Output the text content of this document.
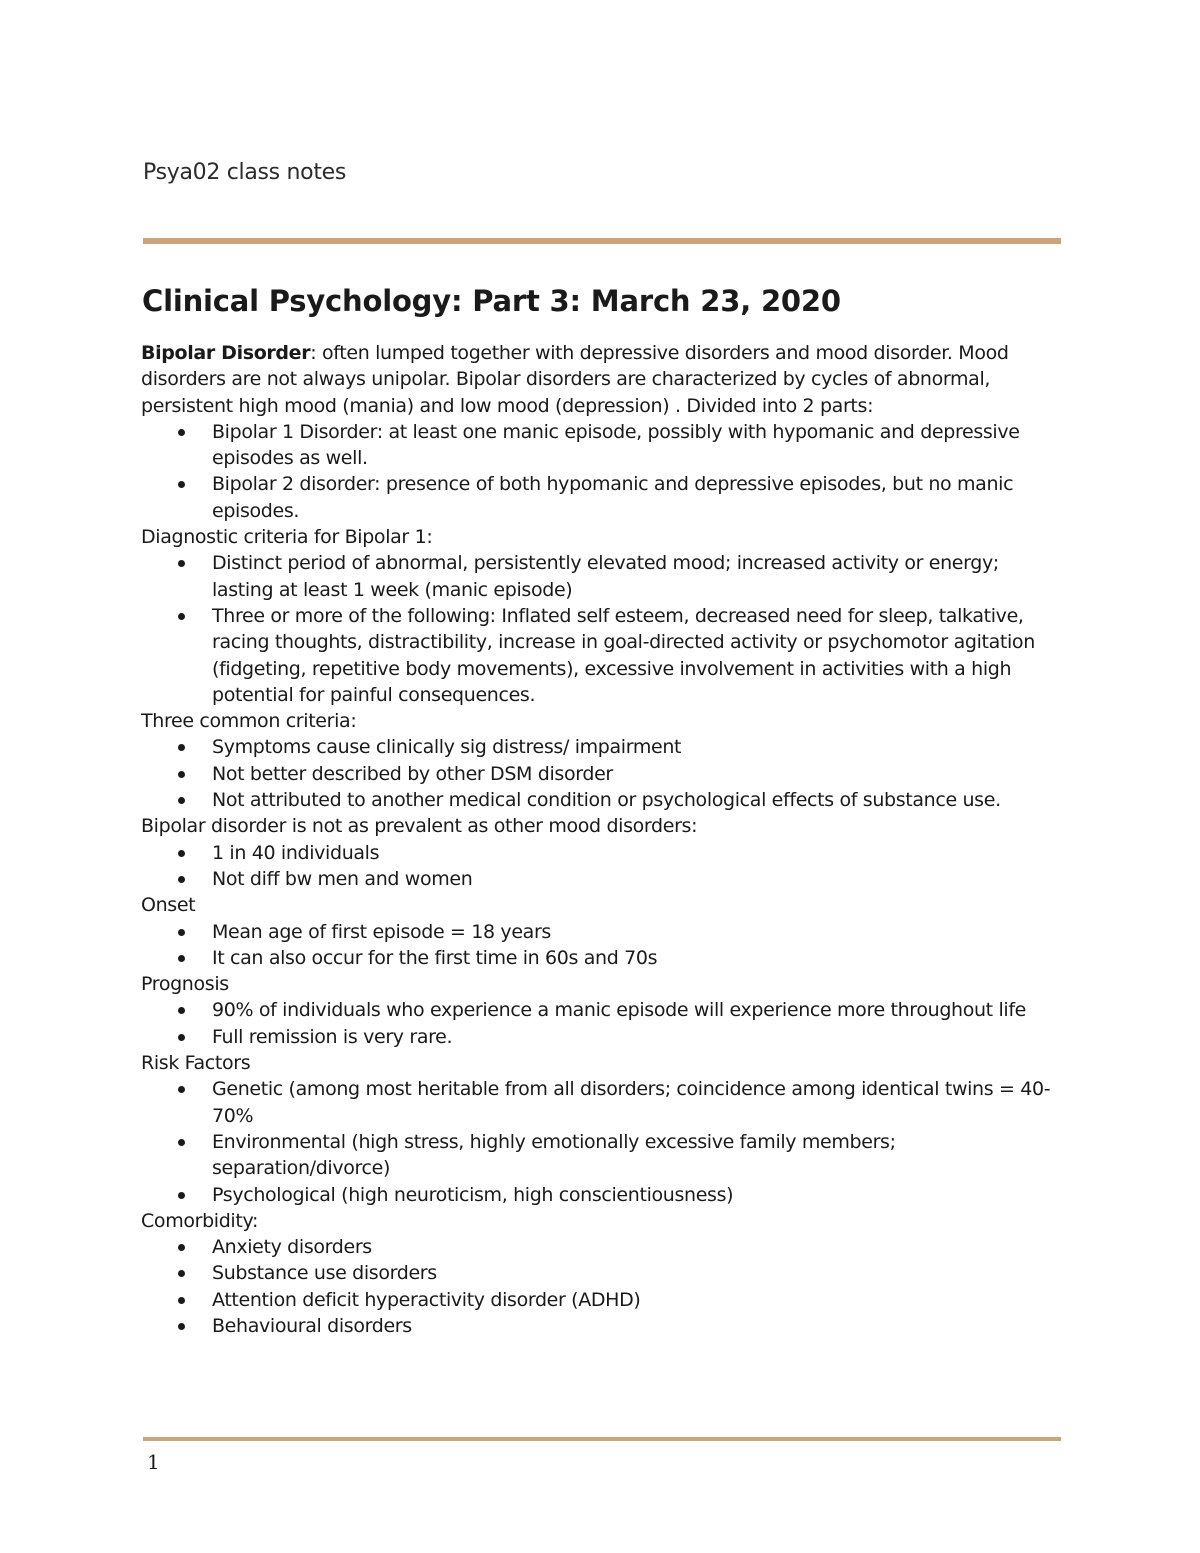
Psya02 class notes
Clinical Psychology: Part 3: March 23, 2020

Bipolar Disorder: often lumped together with depressive disorders and mood disorder. Mood disorders are not always unipolar. Bipolar disorders are characterized by cycles of abnormal, persistent high mood (mania) and low mood (depression) . Divided into 2 parts:

Bipolar 1 Disorder: at least one manic episode, possibly with hypomanic and depressive episodes as well.
Bipolar 2 disorder: presence of both hypomanic and depressive episodes, but no manic episodes.

Diagnostic criteria for Bipolar 1:

Distinct period of abnormal, persistently elevated mood; increased activity or energy; lasting at least 1 week (manic episode)
Three or more of the following: Inflated self esteem, decreased need for sleep, talkative, racing thoughts, distractibility, increase in goal-directed activity or psychomotor agitation (fidgeting, repetitive body movements), excessive involvement in activities with a high potential for painful consequences.

Three common criteria:

Symptoms cause clinically sig distress/ impairment
Not better described by other DSM disorder
Not attributed to another medical condition or psychological effects of substance use.

Bipolar disorder is not as prevalent as other mood disorders:

1 in 40 individuals
Not diff bw men and women

Onset

Mean age of first episode = 18 years
It can also occur for the first time in 60s and 70s

Prognosis

90% of individuals who experience a manic episode will experience more throughout life
Full remission is very rare.

Risk Factors

Genetic (among most heritable from all disorders; coincidence among identical twins = 40-70%
Environmental (high stress, highly emotionally excessive family members; separation/divorce)
Psychological (high neuroticism, high conscientiousness)

Comorbidity:

Anxiety disorders
Substance use disorders
Attention deficit hyperactivity disorder (ADHD)
Behavioural disorders
1
